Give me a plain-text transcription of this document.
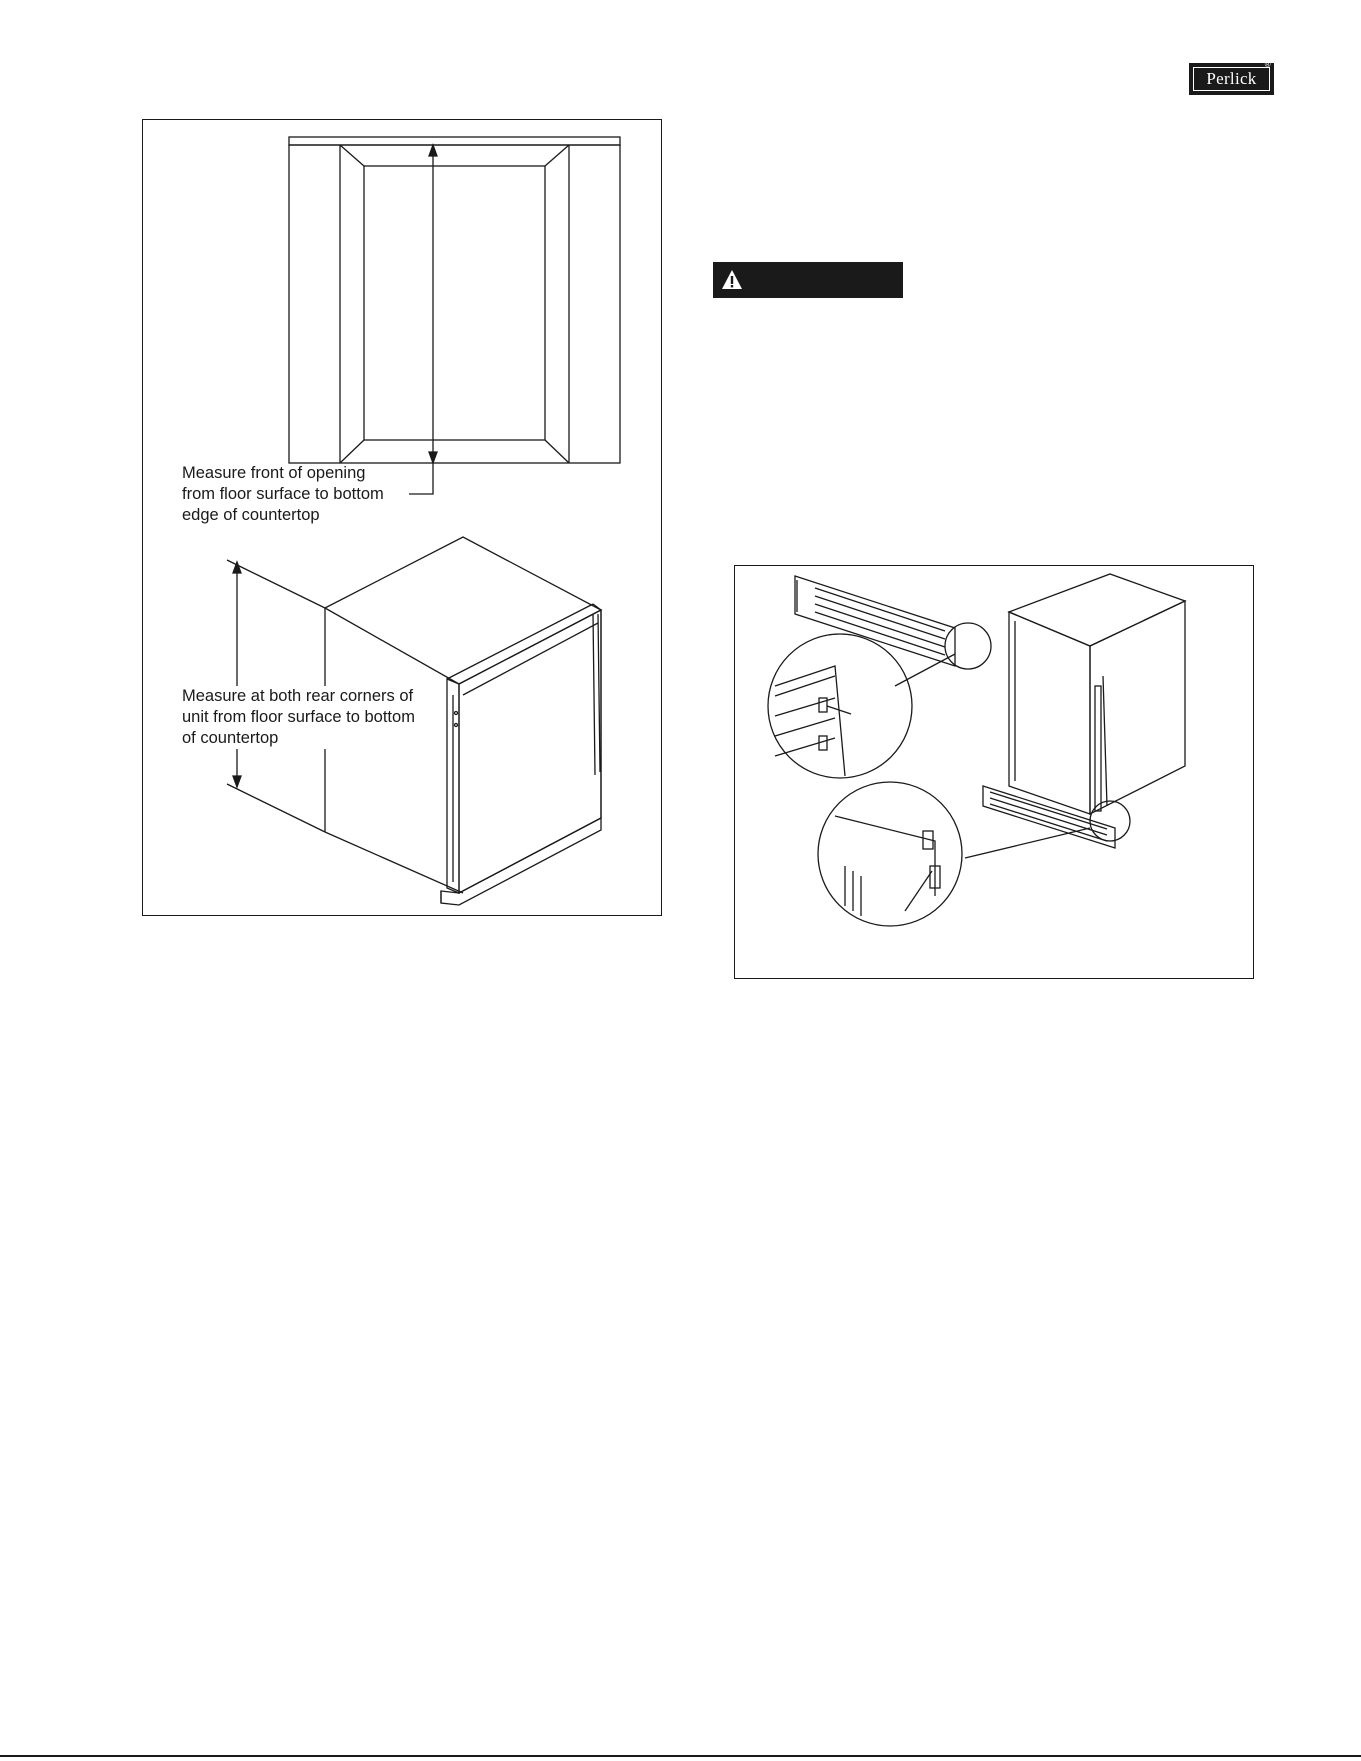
Perlick
®
Measure front of opening
from floor surface to bottom
edge of countertop
Measure at both rear corners of
unit from floor surface to bottom
of countertop
